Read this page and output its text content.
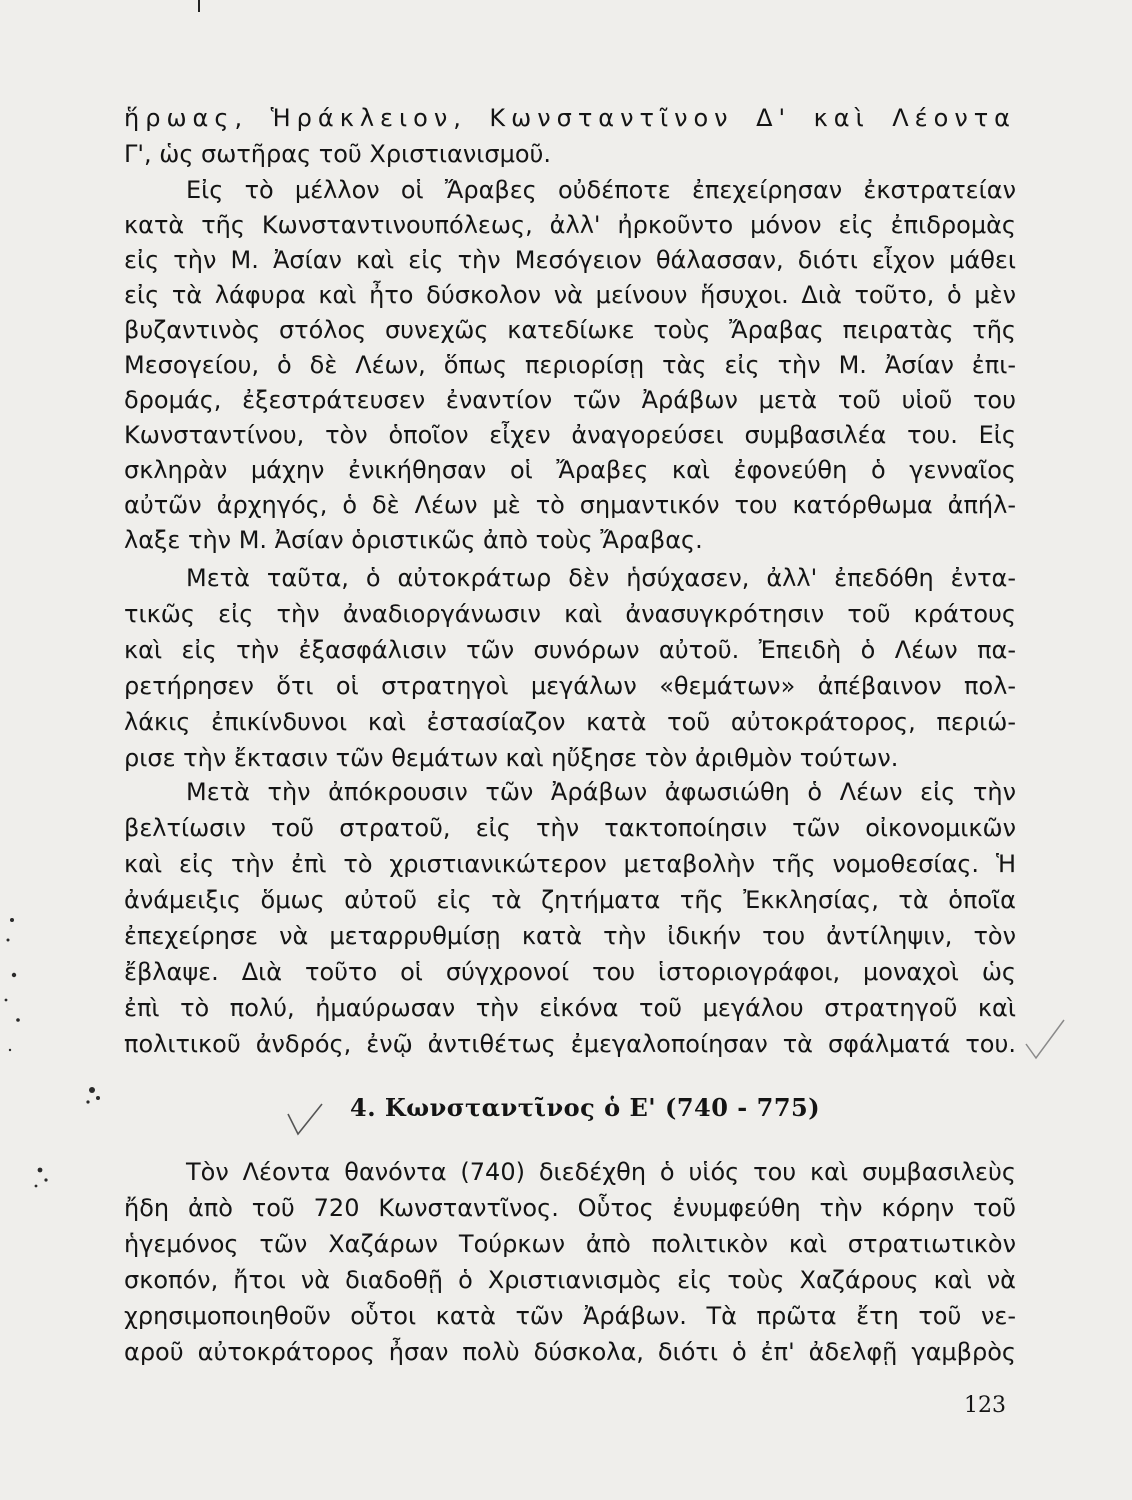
ἥρωας, Ἡράκλειον, Κωνσταντῖνον Δ' καὶ Λέοντα
Γ', ὡς σωτῆρας τοῦ Χριστιανισμοῦ.
Εἰς τὸ μέλλον οἱ Ἄραβες οὐδέποτε ἐπεχείρησαν ἐκστρατείαν
κατὰ τῆς Κωνσταντινουπόλεως, ἀλλ' ἠρκοῦντο μόνον εἰς ἐπιδρομὰς
εἰς τὴν Μ. Ἀσίαν καὶ εἰς τὴν Μεσόγειον θάλασσαν, διότι εἶχον μάθει
εἰς τὰ λάφυρα καὶ ἦτο δύσκολον νὰ μείνουν ἥσυχοι. Διὰ τοῦτο, ὁ μὲν
βυζαντινὸς στόλος συνεχῶς κατεδίωκε τοὺς Ἄραβας πειρατὰς τῆς
Μεσογείου, ὁ δὲ Λέων, ὅπως περιορίσῃ τὰς εἰς τὴν Μ. Ἀσίαν ἐπι-
δρομάς, ἐξεστράτευσεν ἐναντίον τῶν Ἀράβων μετὰ τοῦ υἱοῦ του
Κωνσταντίνου, τὸν ὁποῖον εἶχεν ἀναγορεύσει συμβασιλέα του. Εἰς
σκληρὰν μάχην ἐνικήθησαν οἱ Ἄραβες καὶ ἐφονεύθη ὁ γενναῖος
αὐτῶν ἀρχηγός, ὁ δὲ Λέων μὲ τὸ σημαντικόν του κατόρθωμα ἀπήλ-
λαξε τὴν Μ. Ἀσίαν ὁριστικῶς ἀπὸ τοὺς Ἄραβας.
Μετὰ ταῦτα, ὁ αὐτοκράτωρ δὲν ἡσύχασεν, ἀλλ' ἐπεδόθη ἐντα-
τικῶς εἰς τὴν ἀναδιοργάνωσιν καὶ ἀνασυγκρότησιν τοῦ κράτους
καὶ εἰς τὴν ἐξασφάλισιν τῶν συνόρων αὐτοῦ. Ἐπειδὴ ὁ Λέων πα-
ρετήρησεν ὅτι οἱ στρατηγοὶ μεγάλων «θεμάτων» ἀπέβαινον πολ-
λάκις ἐπικίνδυνοι καὶ ἐστασίαζον κατὰ τοῦ αὐτοκράτορος, περιώ-
ρισε τὴν ἔκτασιν τῶν θεμάτων καὶ ηὔξησε τὸν ἀριθμὸν τούτων.
Μετὰ τὴν ἀπόκρουσιν τῶν Ἀράβων ἀφωσιώθη ὁ Λέων εἰς τὴν
βελτίωσιν τοῦ στρατοῦ, εἰς τὴν τακτοποίησιν τῶν οἰκονομικῶν
καὶ εἰς τὴν ἐπὶ τὸ χριστιανικώτερον μεταβολὴν τῆς νομοθεσίας. Ἡ
ἀνάμειξις ὅμως αὐτοῦ εἰς τὰ ζητήματα τῆς Ἐκκλησίας, τὰ ὁποῖα
ἐπεχείρησε νὰ μεταρρυθμίσῃ κατὰ τὴν ἰδικήν του ἀντίληψιν, τὸν
ἔβλαψε. Διὰ τοῦτο οἱ σύγχρονοί του ἱστοριογράφοι, μοναχοὶ ὡς
ἐπὶ τὸ πολύ, ἠμαύρωσαν τὴν εἰκόνα τοῦ μεγάλου στρατηγοῦ καὶ
πολιτικοῦ ἀνδρός, ἐνῷ ἀντιθέτως ἐμεγαλοποίησαν τὰ σφάλματά του.
4. Κωνσταντῖνος ὁ Ε' (740 - 775)
Τὸν Λέοντα θανόντα (740) διεδέχθη ὁ υἱός του καὶ συμβασιλεὺς
ἤδη ἀπὸ τοῦ 720 Κωνσταντῖνος. Οὗτος ἐνυμφεύθη τὴν κόρην τοῦ
ἡγεμόνος τῶν Χαζάρων Τούρκων ἀπὸ πολιτικὸν καὶ στρατιωτικὸν
σκοπόν, ἤτοι νὰ διαδοθῇ ὁ Χριστιανισμὸς εἰς τοὺς Χαζάρους καὶ νὰ
χρησιμοποιηθοῦν οὗτοι κατὰ τῶν Ἀράβων. Τὰ πρῶτα ἔτη τοῦ νε-
αροῦ αὐτοκράτορος ἦσαν πολὺ δύσκολα, διότι ὁ ἐπ' ἀδελφῇ γαμβρὸς
123
